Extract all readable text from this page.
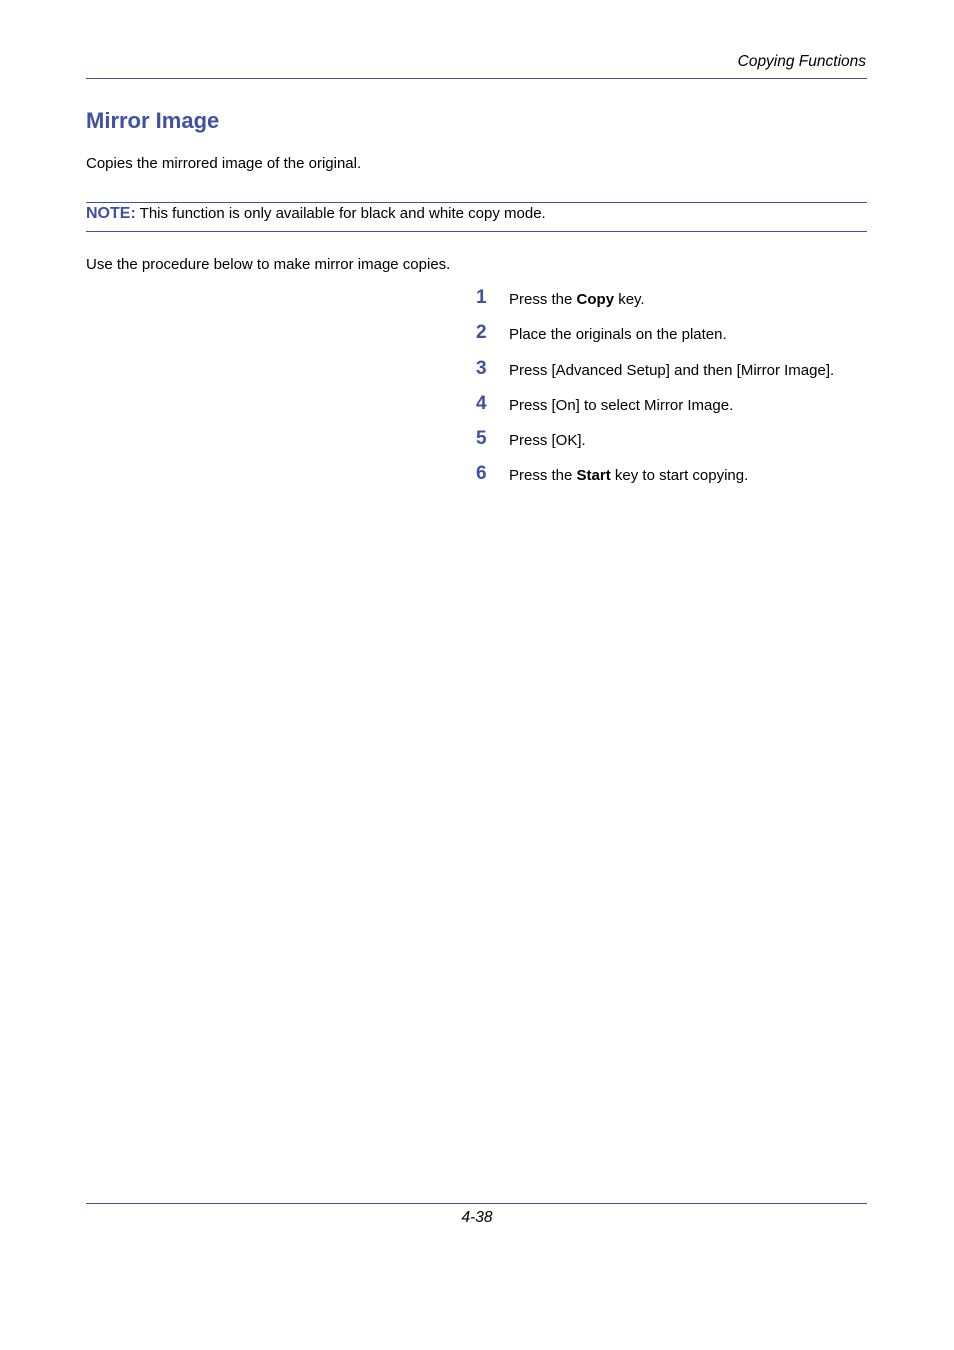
Copying Functions
Mirror Image
Copies the mirrored image of the original.
NOTE: This function is only available for black and white copy mode.
Use the procedure below to make mirror image copies.
1 Press the Copy key.
2 Place the originals on the platen.
3 Press [Advanced Setup] and then [Mirror Image].
4 Press [On] to select Mirror Image.
5 Press [OK].
6 Press the Start key to start copying.
4-38
